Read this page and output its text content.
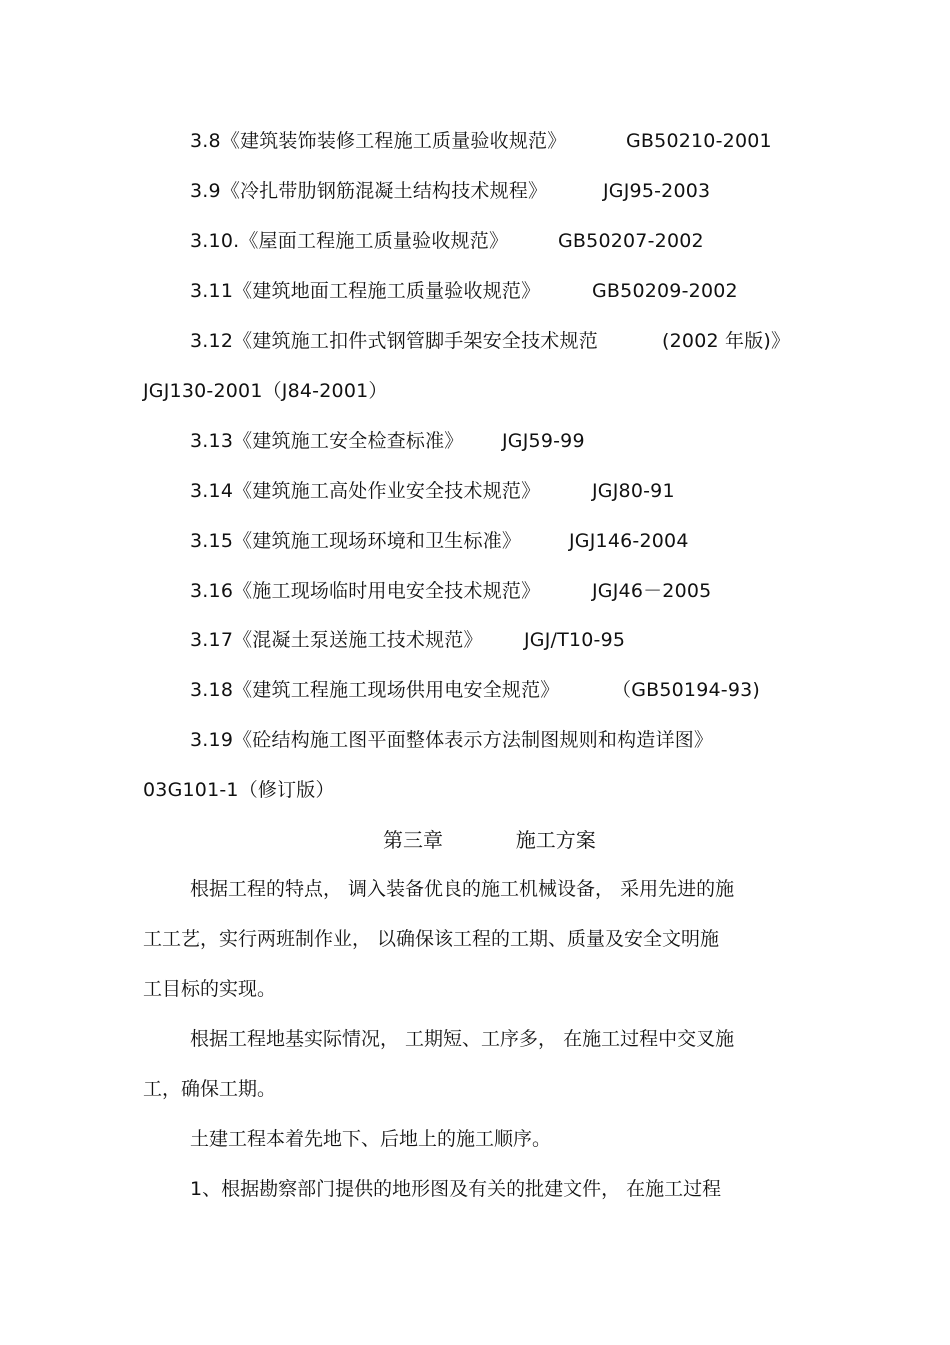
3.8《建筑装饰装修工程施工质量验收规范》	GB50210-2001
3.9《冷扎带肋钢筋混凝土结构技术规程》	JGJ95-2003
3.10.《屋面工程施工质量验收规范》	GB50207-2002
3.11《建筑地面工程施工质量验收规范》	GB50209-2002
3.12《建筑施工扣件式钢管脚手架安全技术规范	(2002 年版)》
JGJ130-2001（J84-2001）
3.13《建筑施工安全检查标准》 JGJ59-99
3.14《建筑施工高处作业安全技术规范》	JGJ80-91
3.15《建筑施工现场环境和卫生标准》	JGJ146-2004
3.16《施工现场临时用电安全技术规范》	JGJ46－2005
3.17《混凝土泵送施工技术规范》 JGJ/T10-95
3.18《建筑工程施工现场供用电安全规范》	（GB50194-93)
3.19《砼结构施工图平面整体表示方法制图规则和构造详图》
03G101-1（修订版）
第三章	施工方案
根据工程的特点， 调入装备优良的施工机械设备， 采用先进的施
工工艺，实行两班制作业， 以确保该工程的工期、质量及安全文明施
工目标的实现。
根据工程地基实际情况， 工期短、工序多， 在施工过程中交叉施
工，确保工期。
土建工程本着先地下、后地上的施工顺序。
1、根据勘察部门提供的地形图及有关的批建文件， 在施工过程
